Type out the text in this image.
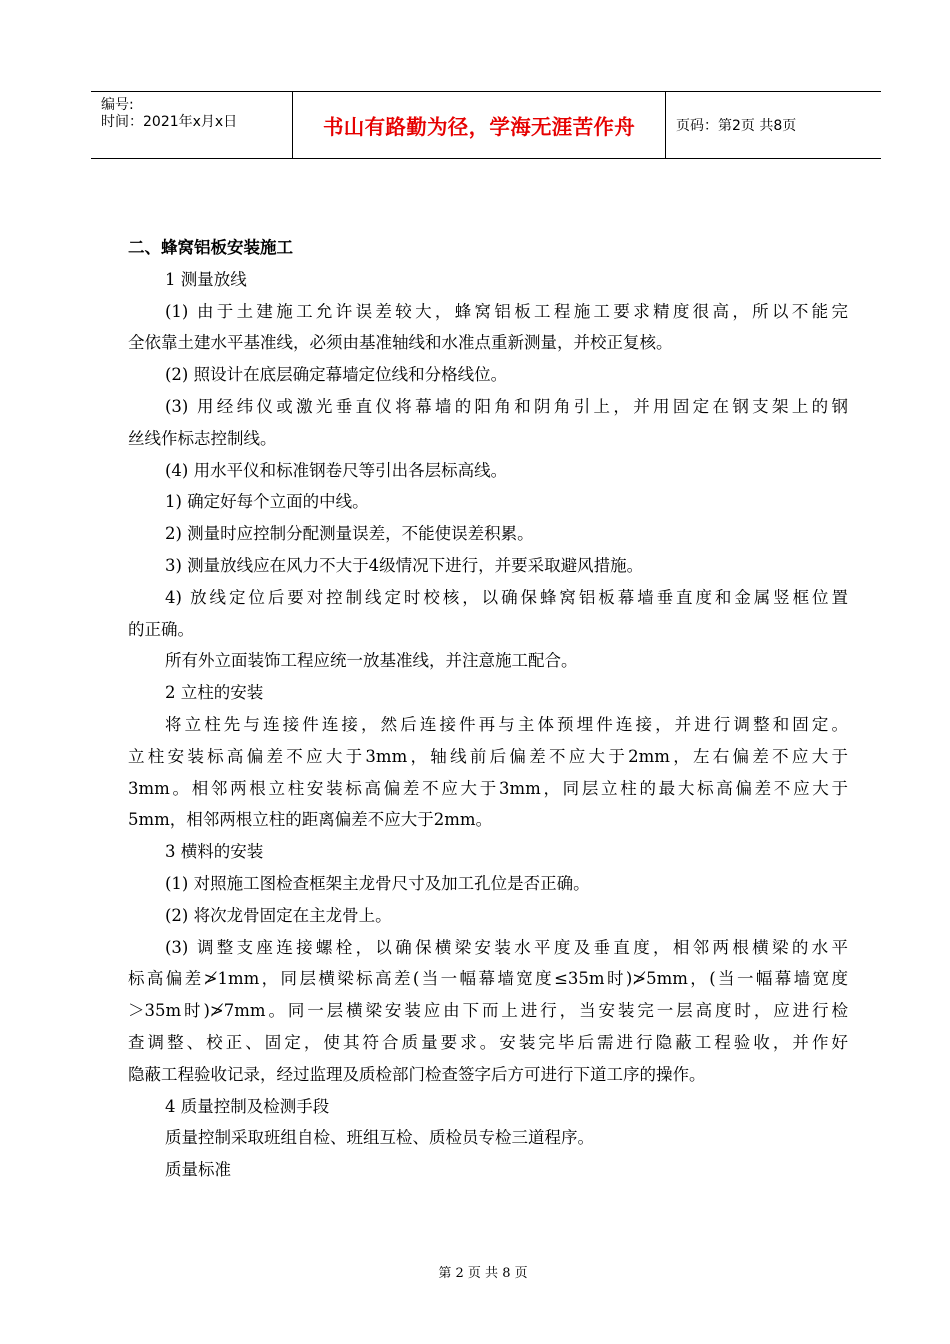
编号:
时间：2021年x月x日	书山有路勤为径，学海无涯苦作舟	页码：第2页 共8页

二、蜂窝铝板安装施工

1 测量放线

(1) 由于土建施工允许误差较大，蜂窝铝板工程施工要求精度很高，所以不能完

全依靠土建水平基准线，必须由基准轴线和水准点重新测量，并校正复核。

(2) 照设计在底层确定幕墙定位线和分格线位。

(3) 用经纬仪或激光垂直仪将幕墙的阳角和阴角引上，并用固定在钢支架上的钢

丝线作标志控制线。

(4) 用水平仪和标准钢卷尺等引出各层标高线。

1) 确定好每个立面的中线。

2) 测量时应控制分配测量误差，不能使误差积累。

3) 测量放线应在风力不大于4级情况下进行，并要采取避风措施。

4) 放线定位后要对控制线定时校核，以确保蜂窝铝板幕墙垂直度和金属竖框位置

的正确。

所有外立面装饰工程应统一放基准线，并注意施工配合。

2 立柱的安装

将立柱先与连接件连接，然后连接件再与主体预埋件连接，并进行调整和固定。

立柱安装标高偏差不应大于3mm，轴线前后偏差不应大于2mm，左右偏差不应大于

3mm。相邻两根立柱安装标高偏差不应大于3mm，同层立柱的最大标高偏差不应大于

5mm，相邻两根立柱的距离偏差不应大于2mm。

3 横料的安装

(1) 对照施工图检查框架主龙骨尺寸及加工孔位是否正确。

(2) 将次龙骨固定在主龙骨上。

(3) 调整支座连接螺栓，以确保横梁安装水平度及垂直度，相邻两根横梁的水平

标高偏差≯1mm，同层横梁标高差(当一幅幕墙宽度≤35m时)≯5mm，(当一幅幕墙宽度

＞35m时)≯7mm。同一层横梁安装应由下而上进行，当安装完一层高度时，应进行检

查调整、校正、固定，使其符合质量要求。安装完毕后需进行隐蔽工程验收，并作好

隐蔽工程验收记录，经过监理及质检部门检查签字后方可进行下道工序的操作。

4 质量控制及检测手段

质量控制采取班组自检、班组互检、质检员专检三道程序。

质量标准

第 2 页 共 8 页
